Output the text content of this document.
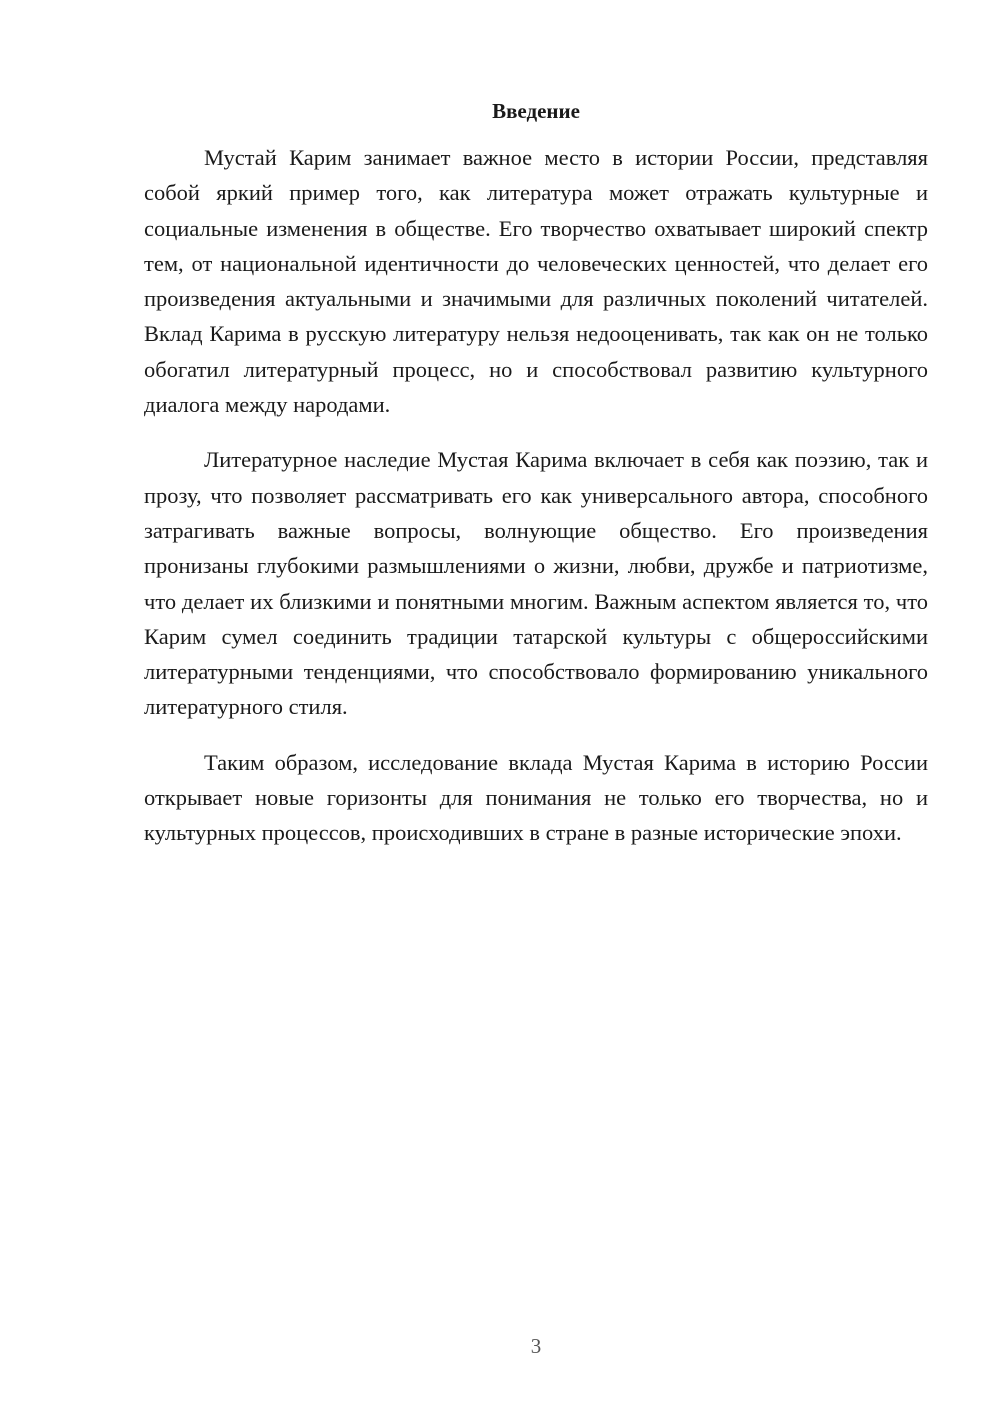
Введение

Мустай Карим занимает важное место в истории России, представляя собой яркий пример того, как литература может отражать культурные и социальные изменения в обществе. Его творчество охватывает широкий спектр тем, от национальной идентичности до человеческих ценностей, что делает его произведения актуальными и значимыми для различных поколений читателей. Вклад Карима в русскую литературу нельзя недооценивать, так как он не только обогатил литературный процесс, но и способствовал развитию культурного диалога между народами.

Литературное наследие Мустая Карима включает в себя как поэзию, так и прозу, что позволяет рассматривать его как универсального автора, способного затрагивать важные вопросы, волнующие общество. Его произведения пронизаны глубокими размышлениями о жизни, любви, дружбе и патриотизме, что делает их близкими и понятными многим. Важным аспектом является то, что Карим сумел соединить традиции татарской культуры с общероссийскими литературными тенденциями, что способствовало формированию уникального литературного стиля.

Таким образом, исследование вклада Мустая Карима в историю России открывает новые горизонты для понимания не только его творчества, но и культурных процессов, происходивших в стране в разные исторические эпохи.

3
